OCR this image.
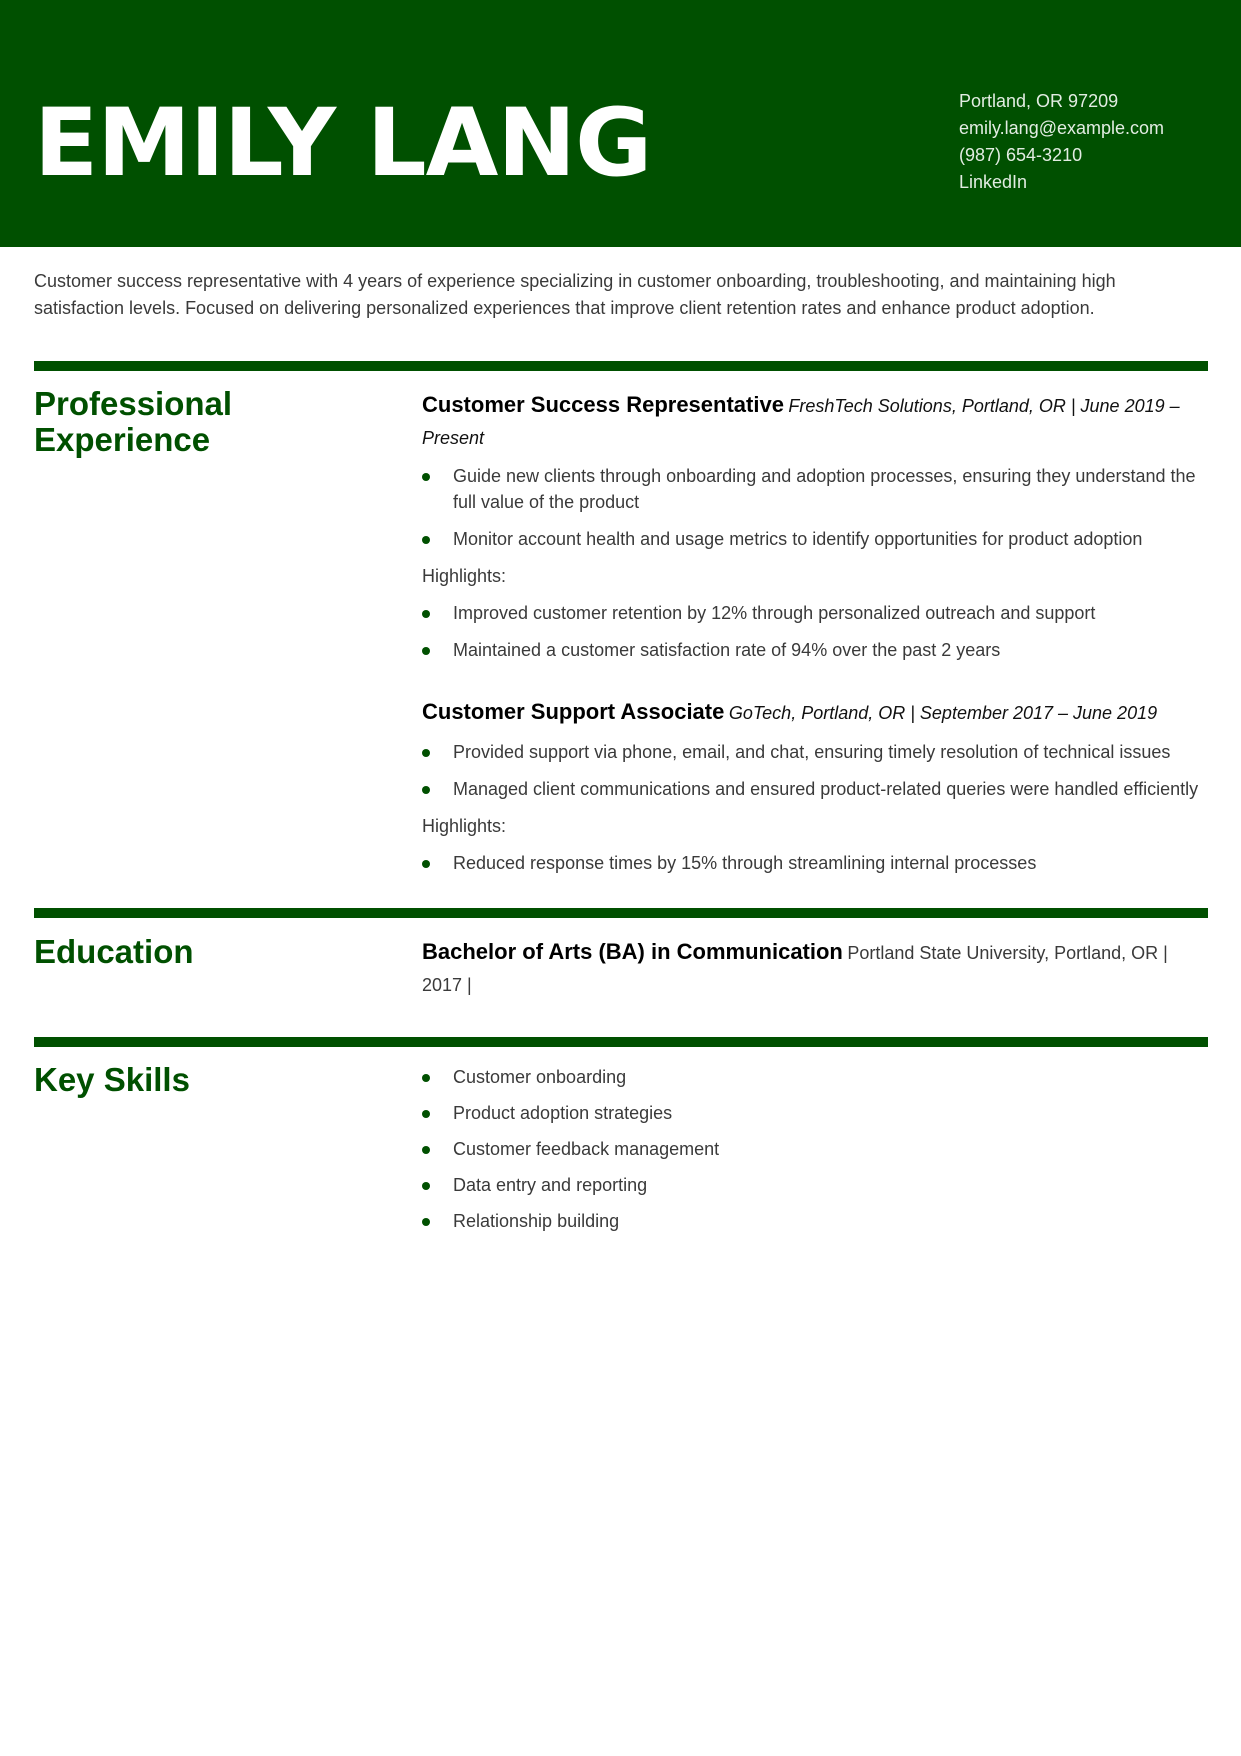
EMILY LANG	Portland, OR 97209
emily.lang@example.com
(987) 654-3210
LinkedIn

Customer success representative with 4 years of experience specializing in customer onboarding, troubleshooting, and maintaining high satisfaction levels. Focused on delivering personalized experiences that improve client retention rates and enhance product adoption.

Professional
Experience

Customer Success Representative FreshTech Solutions, Portland, OR | June 2019 – Present

Guide new clients through onboarding and adoption processes, ensuring they understand the full value of the product
Monitor account health and usage metrics to identify opportunities for product adoption

Highlights:

Improved customer retention by 12% through personalized outreach and support
Maintained a customer satisfaction rate of 94% over the past 2 years

Customer Support Associate GoTech, Portland, OR | September 2017 – June 2019

Provided support via phone, email, and chat, ensuring timely resolution of technical issues
Managed client communications and ensured product-related queries were handled efficiently

Highlights:

Reduced response times by 15% through streamlining internal processes
Education	Bachelor of Arts (BA) in Communication Portland State University, Portland, OR | 2017 |

Key Skills	Customer onboarding
Product adoption strategies
Customer feedback management
Data entry and reporting
Relationship building
